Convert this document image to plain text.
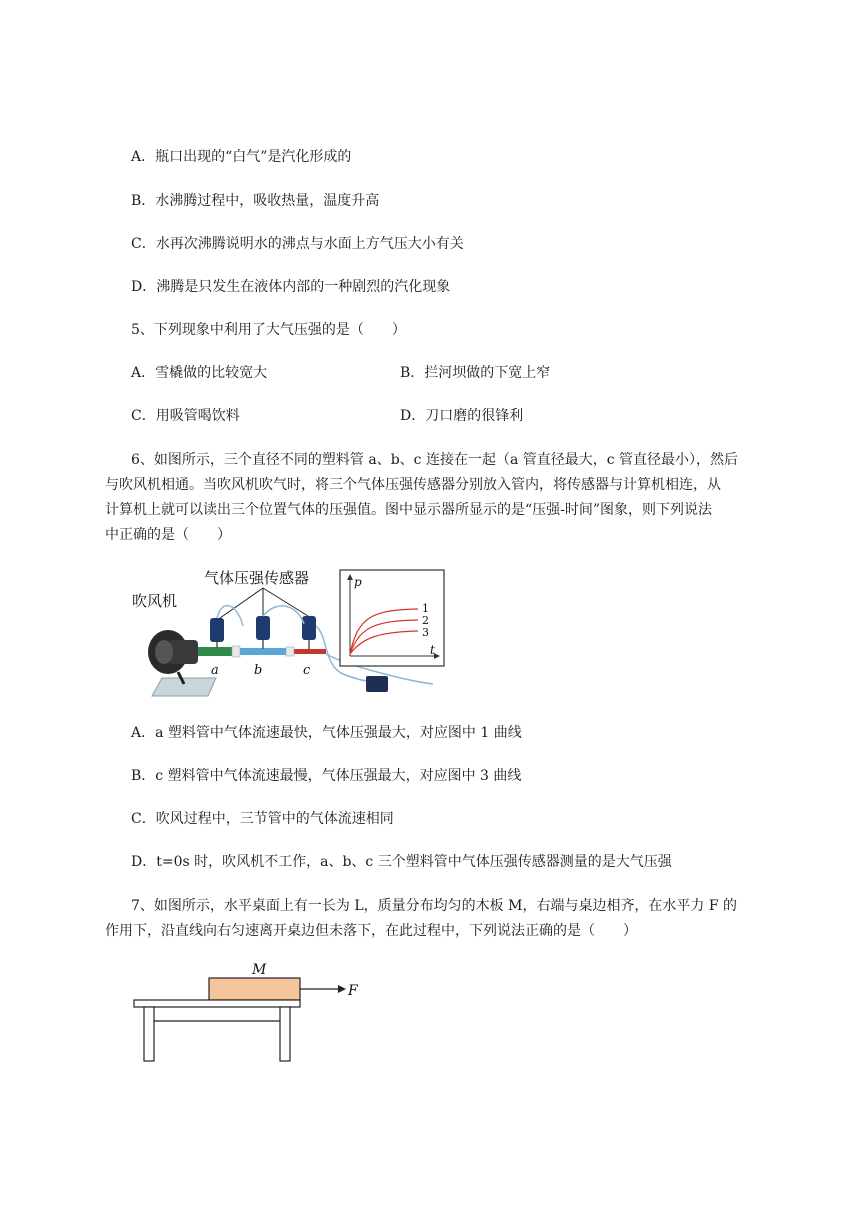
A．瓶口出现的“白气”是汽化形成的
B．水沸腾过程中，吸收热量，温度升高
C．水再次沸腾说明水的沸点与水面上方气压大小有关
D．沸腾是只发生在液体内部的一种剧烈的汽化现象
5、下列现象中利用了大气压强的是（　　）
A．雪橇做的比较宽大	B．拦河坝做的下宽上窄
C．用吸管喝饮料	D．刀口磨的很锋利
6、如图所示，三个直径不同的塑料管 a、b、c 连接在一起（a 管直径最大，c 管直径最小），然后
与吹风机相通。当吹风机吹气时，将三个气体压强传感器分别放入管内，将传感器与计算机相连，从
计算机上就可以读出三个位置气体的压强值。图中显示器所显示的是“压强-时间”图象，则下列说法
中正确的是（　　）
吹风机
气体压强传感器
a	b	c
p
t
1
2
3
A．a 塑料管中气体流速最快，气体压强最大，对应图中 1 曲线
B．c 塑料管中气体流速最慢，气体压强最大，对应图中 3 曲线
C．吹风过程中，三节管中的气体流速相同
D．t=0s 时，吹风机不工作，a、b、c 三个塑料管中气体压强传感器测量的是大气压强
7、如图所示，水平桌面上有一长为 L，质量分布均匀的木板 M，右端与桌边相齐，在水平力 F 的
作用下，沿直线向右匀速离开桌边但未落下，在此过程中，下列说法正确的是（　　）
M
F
